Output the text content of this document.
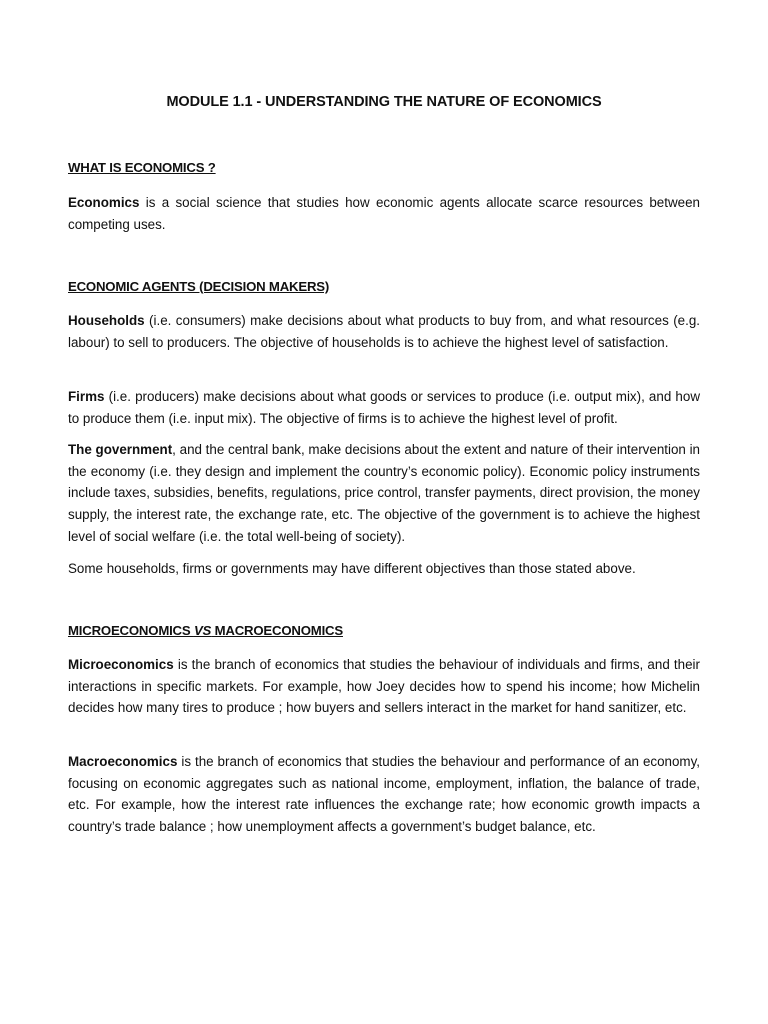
MODULE 1.1 - UNDERSTANDING THE NATURE OF ECONOMICS
WHAT IS ECONOMICS ?

Economics is a social science that studies how economic agents allocate scarce resources between competing uses.

ECONOMIC AGENTS (DECISION MAKERS)

Households (i.e. consumers) make decisions about what products to buy from, and what resources (e.g. labour) to sell to producers. The objective of households is to achieve the highest level of satisfaction.

Firms (i.e. producers) make decisions about what goods or services to produce (i.e. output mix), and how to produce them (i.e. input mix). The objective of firms is to achieve the highest level of profit.

The government, and the central bank, make decisions about the extent and nature of their intervention in the economy (i.e. they design and implement the country’s economic policy). Economic policy instruments include taxes, subsidies, benefits, regulations, price control, transfer payments, direct provision, the money supply, the interest rate, the exchange rate, etc. The objective of the government is to achieve the highest level of social welfare (i.e. the total well-being of society).

Some households, firms or governments may have different objectives than those stated above.

MICROECONOMICS VS MACROECONOMICS

Microeconomics is the branch of economics that studies the behaviour of individuals and firms, and their interactions in specific markets. For example, how Joey decides how to spend his income; how Michelin decides how many tires to produce ; how buyers and sellers interact in the market for hand sanitizer, etc.

Macroeconomics is the branch of economics that studies the behaviour and performance of an economy, focusing on economic aggregates such as national income, employment, inflation, the balance of trade, etc. For example, how the interest rate influences the exchange rate; how economic growth impacts a country’s trade balance ; how unemployment affects a government’s budget balance, etc.
